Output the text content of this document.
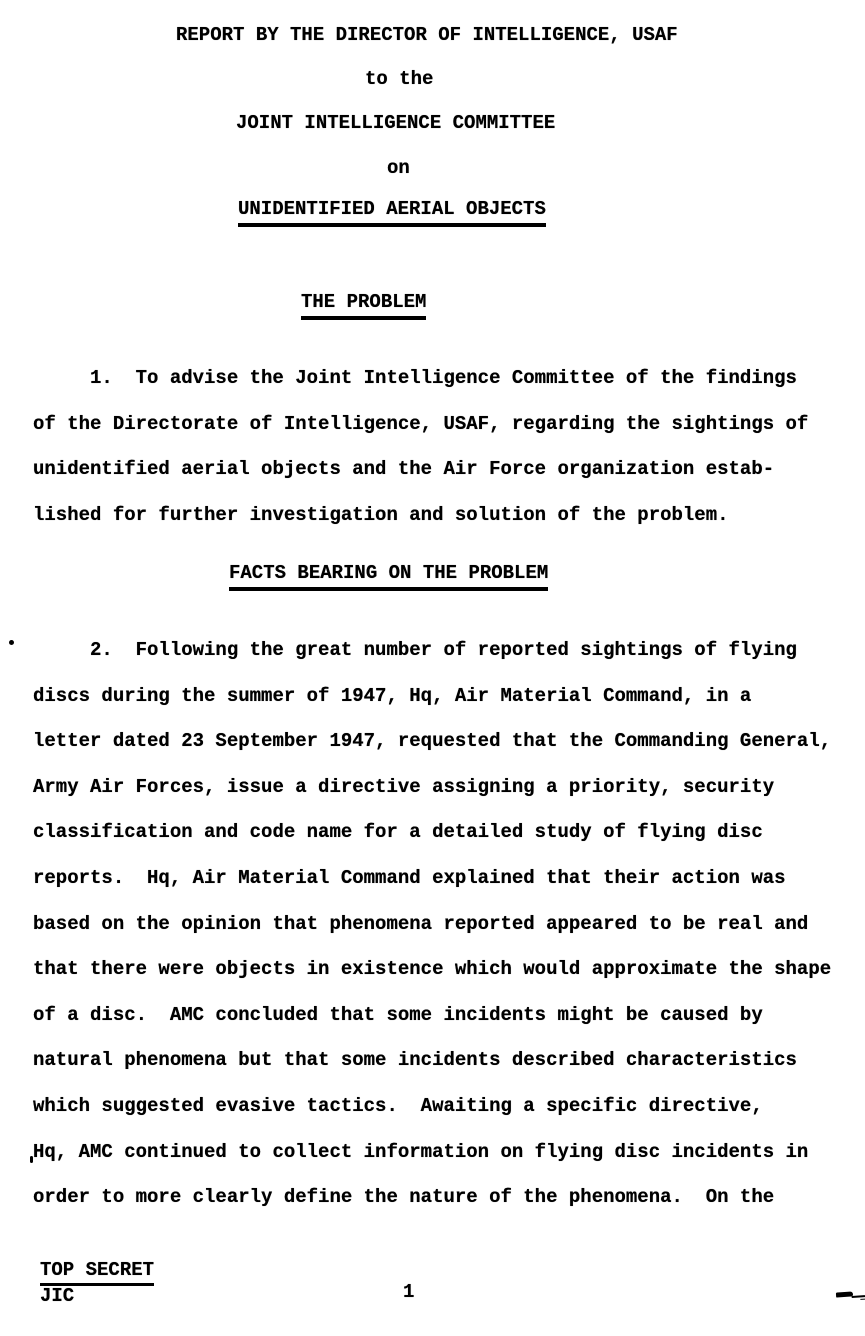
REPORT BY THE DIRECTOR OF INTELLIGENCE, USAF
to the
JOINT INTELLIGENCE COMMITTEE
on
UNIDENTIFIED AERIAL OBJECTS
THE PROBLEM
1.  To advise the Joint Intelligence Committee of the findings
of the Directorate of Intelligence, USAF, regarding the sightings of
unidentified aerial objects and the Air Force organization estab-
lished for further investigation and solution of the problem.
FACTS BEARING ON THE PROBLEM
2.  Following the great number of reported sightings of flying
discs during the summer of 1947, Hq, Air Material Command, in a
letter dated 23 September 1947, requested that the Commanding General,
Army Air Forces, issue a directive assigning a priority, security
classification and code name for a detailed study of flying disc
reports.  Hq, Air Material Command explained that their action was
based on the opinion that phenomena reported appeared to be real and
that there were objects in existence which would approximate the shape
of a disc.  AMC concluded that some incidents might be caused by
natural phenomena but that some incidents described characteristics
which suggested evasive tactics.  Awaiting a specific directive,
Hq, AMC continued to collect information on flying disc incidents in
order to more clearly define the nature of the phenomena.  On the
TOP SECRET
JIC	1
